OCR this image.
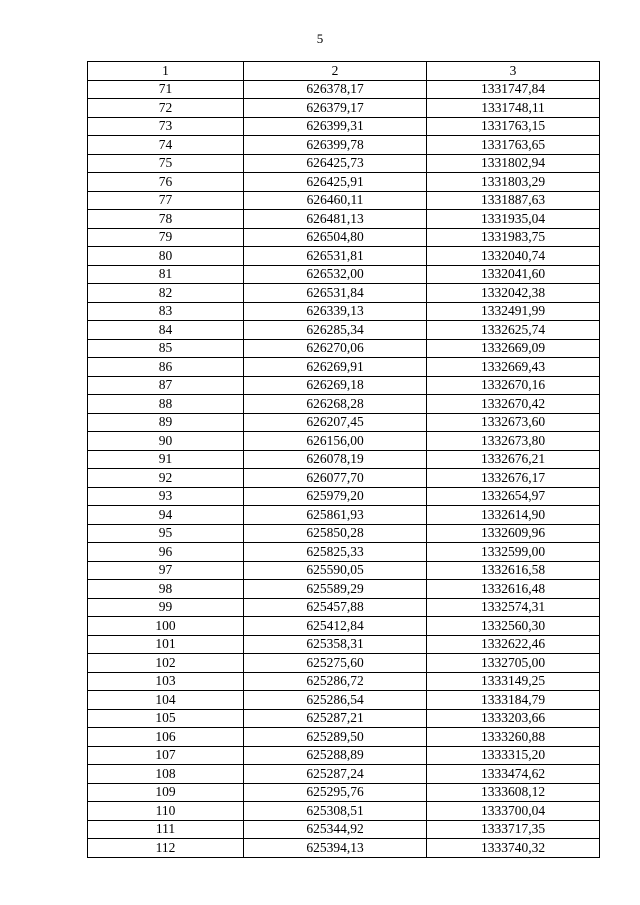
5
1	2	3
71	626378,17	1331747,84
72	626379,17	1331748,11
73	626399,31	1331763,15
74	626399,78	1331763,65
75	626425,73	1331802,94
76	626425,91	1331803,29
77	626460,11	1331887,63
78	626481,13	1331935,04
79	626504,80	1331983,75
80	626531,81	1332040,74
81	626532,00	1332041,60
82	626531,84	1332042,38
83	626339,13	1332491,99
84	626285,34	1332625,74
85	626270,06	1332669,09
86	626269,91	1332669,43
87	626269,18	1332670,16
88	626268,28	1332670,42
89	626207,45	1332673,60
90	626156,00	1332673,80
91	626078,19	1332676,21
92	626077,70	1332676,17
93	625979,20	1332654,97
94	625861,93	1332614,90
95	625850,28	1332609,96
96	625825,33	1332599,00
97	625590,05	1332616,58
98	625589,29	1332616,48
99	625457,88	1332574,31
100	625412,84	1332560,30
101	625358,31	1332622,46
102	625275,60	1332705,00
103	625286,72	1333149,25
104	625286,54	1333184,79
105	625287,21	1333203,66
106	625289,50	1333260,88
107	625288,89	1333315,20
108	625287,24	1333474,62
109	625295,76	1333608,12
110	625308,51	1333700,04
111	625344,92	1333717,35
112	625394,13	1333740,32
